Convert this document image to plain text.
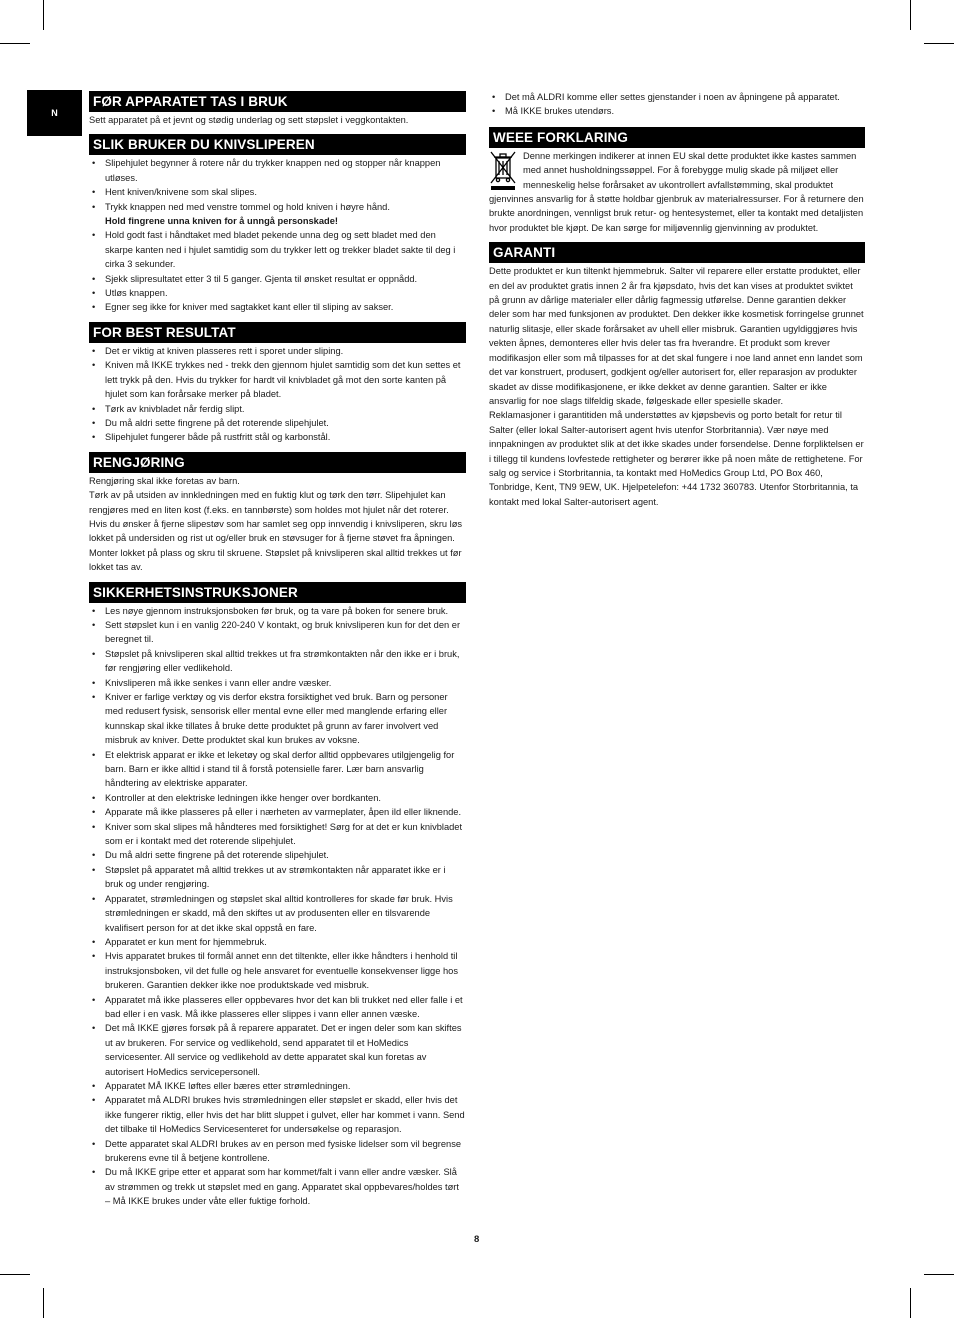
N
FØR APPARATET TAS I BRUK

Sett apparatet på et jevnt og stødig underlag og sett støpslet i veggkontakten.

SLIK BRUKER DU KNIVSLIPEREN
• Slipehjulet begynner å rotere når du trykker knappen ned og stopper når knappen utløses.
• Hent kniven/knivene som skal slipes.
• Trykk knappen ned med venstre tommel og hold kniven i høyre hånd.
Hold fingrene unna kniven for å unngå personskade!
• Hold godt fast i håndtaket med bladet pekende unna deg og sett bladet med den skarpe kanten ned i hjulet samtidig som du trykker lett og trekker bladet sakte til deg i cirka 3 sekunder.
• Sjekk slipresultatet etter 3 til 5 ganger. Gjenta til ønsket resultat er oppnådd.
• Utløs knappen.
• Egner seg ikke for kniver med sagtakket kant eller til sliping av sakser.
FOR BEST RESULTAT
• Det er viktig at kniven plasseres rett i sporet under sliping.
• Kniven må IKKE trykkes ned - trekk den gjennom hjulet samtidig som det kun settes et lett trykk på den. Hvis du trykker for hardt vil knivbladet gå mot den sorte kanten på hjulet som kan forårsake merker på bladet.
• Tørk av knivbladet når ferdig slipt.
• Du må aldri sette fingrene på det roterende slipehjulet.
• Slipehjulet fungerer både på rustfritt stål og karbonstål.
RENGJØRING

Rengjøring skal ikke foretas av barn.

Tørk av på utsiden av innkledningen med en fuktig klut og tørk den tørr. Slipehjulet kan rengjøres med en liten kost (f.eks. en tannbørste) som holdes mot hjulet når det roterer. Hvis du ønsker å fjerne slipestøv som har samlet seg opp innvendig i knivsliperen, skru løs lokket på undersiden og rist ut og/eller bruk en støvsuger for å fjerne støvet fra åpningen. Monter lokket på plass og skru til skruene. Støpslet på knivsliperen skal alltid trekkes ut før lokket tas av.

SIKKERHETSINSTRUKSJONER
• Les nøye gjennom instruksjonsboken før bruk, og ta vare på boken for senere bruk.
• Sett støpslet kun i en vanlig 220-240 V kontakt, og bruk knivsliperen kun for det den er beregnet til.
• Støpslet på knivsliperen skal alltid trekkes ut fra strømkontakten når den ikke er i bruk, før rengjøring eller vedlikehold.
• Knivsliperen må ikke senkes i vann eller andre væsker.
• Kniver er farlige verktøy og vis derfor ekstra forsiktighet ved bruk. Barn og personer med redusert fysisk, sensorisk eller mental evne eller med manglende erfaring eller kunnskap skal ikke tillates å bruke dette produktet på grunn av farer involvert ved misbruk av kniver. Dette produktet skal kun brukes av voksne.
• Et elektrisk apparat er ikke et leketøy og skal derfor alltid oppbevares utilgjengelig for barn. Barn er ikke alltid i stand til å forstå potensielle farer. Lær barn ansvarlig håndtering av elektriske apparater.
• Kontroller at den elektriske ledningen ikke henger over bordkanten.
• Apparate må ikke plasseres på eller i nærheten av varmeplater, åpen ild eller liknende.
• Kniver som skal slipes må håndteres med forsiktighet! Sørg for at det er kun knivbladet som er i kontakt med det roterende slipehjulet.
• Du må aldri sette fingrene på det roterende slipehjulet.
• Støpslet på apparatet må alltid trekkes ut av strømkontakten når apparatet ikke er i bruk og under rengjøring.
• Apparatet, strømledningen og støpslet skal alltid kontrolleres for skade før bruk. Hvis strømledningen er skadd, må den skiftes ut av produsenten eller en tilsvarende kvalifisert person for at det ikke skal oppstå en fare.
• Apparatet er kun ment for hjemmebruk.
• Hvis apparatet brukes til formål annet enn det tiltenkte, eller ikke håndters i henhold til instruksjonsboken, vil det fulle og hele ansvaret for eventuelle konsekvenser ligge hos brukeren. Garantien dekker ikke noe produktskade ved misbruk.
• Apparatet må ikke plasseres eller oppbevares hvor det kan bli trukket ned eller falle i et bad eller i en vask. Må ikke plasseres eller slippes i vann eller annen væske.
• Det må IKKE gjøres forsøk på å reparere apparatet. Det er ingen deler som kan skiftes ut av brukeren. For service og vedlikehold, send apparatet til et HoMedics servicesenter. All service og vedlikehold av dette apparatet skal kun foretas av autorisert HoMedics servicepersonell.
• Apparatet MÅ IKKE løftes eller bæres etter strømledningen.
• Apparatet må ALDRI brukes hvis strømledningen eller støpslet er skadd, eller hvis det ikke fungerer riktig, eller hvis det har blitt sluppet i gulvet, eller har kommet i vann. Send det tilbake til HoMedics Servicesenteret for undersøkelse og reparasjon.
• Dette apparatet skal ALDRI brukes av en person med fysiske lidelser som vil begrense brukerens evne til å betjene kontrollene.
• Du må IKKE gripe etter et apparat som har kommet/falt i vann eller andre væsker. Slå av strømmen og trekk ut støpslet med en gang. Apparatet skal oppbevares/holdes tørt – Må IKKE brukes under våte eller fuktige forhold.
• Det må ALDRI komme eller settes gjenstander i noen av åpningene på apparatet.
• Må IKKE brukes utendørs.
WEEE FORKLARING
Denne merkingen indikerer at innen EU skal dette produktet ikke kastes sammen med annet husholdningssøppel. For å forebygge mulig skade på miljøet eller menneskelig helse forårsaket av ukontrollert avfallstømming, skal produktet gjenvinnes ansvarlig for å støtte holdbar gjenbruk av materialressurser. For å returnere den brukte anordningen, vennligst bruk retur- og hentesystemet, eller ta kontakt med detaljisten hvor produktet ble kjøpt. De kan sørge for miljøvennlig gjenvinning av produktet.
GARANTI

Dette produktet er kun tiltenkt hjemmebruk. Salter vil reparere eller erstatte produktet, eller en del av produktet gratis innen 2 år fra kjøpsdato, hvis det kan vises at produktet sviktet på grunn av dårlige materialer eller dårlig fagmessig utførelse. Denne garantien dekker deler som har med funksjonen av produktet. Den dekker ikke kosmetisk forringelse grunnet naturlig slitasje, eller skade forårsaket av uhell eller misbruk. Garantien ugyldiggjøres hvis vekten åpnes, demonteres eller hvis deler tas fra hverandre. Et produkt som krever modifikasjon eller som må tilpasses for at det skal fungere i noe land annet enn landet som det var konstruert, produsert, godkjent og/eller autorisert for, eller reparasjon av produkter skadet av disse modifikasjonene, er ikke dekket av denne garantien. Salter er ikke ansvarlig for noe slags tilfeldig skade, følgeskade eller spesielle skader.

Reklamasjoner i garantitiden må understøttes av kjøpsbevis og porto betalt for retur til Salter (eller lokal Salter-autorisert agent hvis utenfor Storbritannia). Vær nøye med innpakningen av produktet slik at det ikke skades under forsendelse. Denne forpliktelsen er i tillegg til kundens lovfestede rettigheter og berører ikke på noen måte de rettighetene. For salg og service i Storbritannia, ta kontakt med HoMedics Group Ltd, PO Box 460, Tonbridge, Kent, TN9 9EW, UK. Hjelpetelefon: +44 1732 360783. Utenfor Storbritannia, ta kontakt med lokal Salter-autorisert agent.

8
